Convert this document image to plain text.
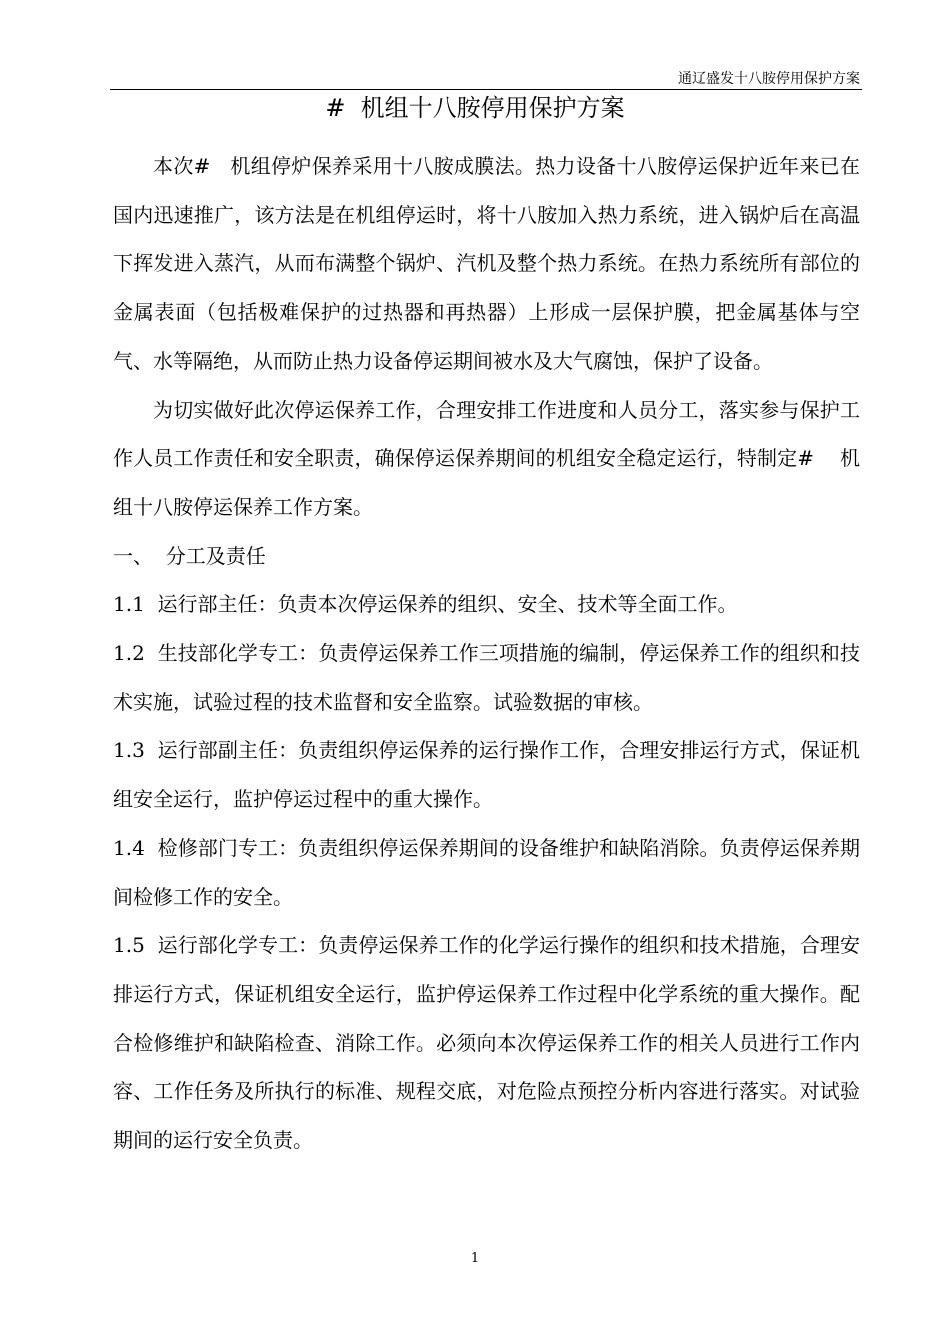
通辽盛发十八胺停用保护方案
#  机组十八胺停用保护方案

本次#   机组停炉保养采用十八胺成膜法。热力设备十八胺停运保护近年来已在国内迅速推广，该方法是在机组停运时，将十八胺加入热力系统，进入锅炉后在高温下挥发进入蒸汽，从而布满整个锅炉、汽机及整个热力系统。在热力系统所有部位的金属表面（包括极难保护的过热器和再热器）上形成一层保护膜，把金属基体与空气、水等隔绝，从而防止热力设备停运期间被水及大气腐蚀，保护了设备。

为切实做好此次停运保养工作，合理安排工作进度和人员分工，落实参与保护工作人员工作责任和安全职责，确保停运保养期间的机组安全稳定运行，特制定#    机组十八胺停运保养工作方案。

一、  分工及责任

1.1  运行部主任：负责本次停运保养的组织、安全、技术等全面工作。

1.2  生技部化学专工：负责停运保养工作三项措施的编制，停运保养工作的组织和技术实施，试验过程的技术监督和安全监察。试验数据的审核。

1.3  运行部副主任：负责组织停运保养的运行操作工作，合理安排运行方式，保证机组安全运行，监护停运过程中的重大操作。

1.4  检修部门专工：负责组织停运保养期间的设备维护和缺陷消除。负责停运保养期间检修工作的安全。

1.5  运行部化学专工：负责停运保养工作的化学运行操作的组织和技术措施，合理安排运行方式，保证机组安全运行，监护停运保养工作过程中化学系统的重大操作。配合检修维护和缺陷检查、消除工作。必须向本次停运保养工作的相关人员进行工作内容、工作任务及所执行的标准、规程交底，对危险点预控分析内容进行落实。对试验期间的运行安全负责。

1
